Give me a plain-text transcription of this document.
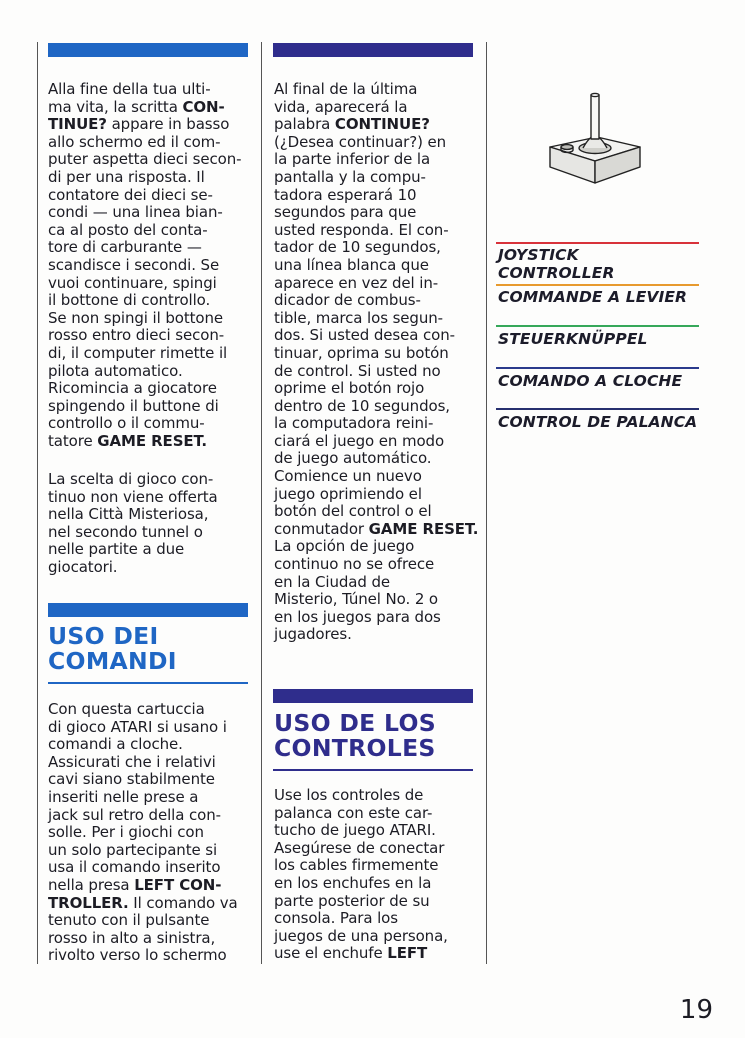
Alla fine della tua ulti-
ma vita, la scritta CON-
TINUE? appare in basso
allo schermo ed il com-
puter aspetta dieci secon-
di per una risposta. Il
contatore dei dieci se-
condi — una linea bian-
ca al posto del conta-
tore di carburante —
scandisce i secondi. Se
vuoi continuare, spingi
il bottone di controllo.
Se non spingi il bottone
rosso entro dieci secon-
di, il computer rimette il
pilota automatico.
Ricomincia a giocatore
spingendo il buttone di
controllo o il commu-
tatore GAME RESET.

La scelta di gioco con-
tinuo non viene offerta
nella Città Misteriosa,
nel secondo tunnel o
nelle partite a due
giocatori.

USO DEI
COMANDI

Con questa cartuccia
di gioco ATARI si usano i
comandi a cloche.
Assicurati che i relativi
cavi siano stabilmente
inseriti nelle prese a
jack sul retro della con-
solle. Per i giochi con
un solo partecipante si
usa il comando inserito
nella presa LEFT CON-
TROLLER. Il comando va
tenuto con il pulsante
rosso in alto a sinistra,
rivolto verso lo schermo

Al final de la última
vida, aparecerá la
palabra CONTINUE?
(¿Desea continuar?) en
la parte inferior de la
pantalla y la compu-
tadora esperará 10
segundos para que
usted responda. El con-
tador de 10 segundos,
una línea blanca que
aparece en vez del in-
dicador de combus-
tible, marca los segun-
dos. Si usted desea con-
tinuar, oprima su botón
de control. Si usted no
oprime el botón rojo
dentro de 10 segundos,
la computadora reini-
ciará el juego en modo
de juego automático.
Comience un nuevo
juego oprimiendo el
botón del control o el
conmutador GAME RESET.
La opción de juego
continuo no se ofrece
en la Ciudad de
Misterio, Túnel No. 2 o
en los juegos para dos
jugadores.

USO DE LOS
CONTROLES

Use los controles de
palanca con este car-
tucho de juego ATARI.
Asegúrese de conectar
los cables firmemente
en los enchufes en la
parte posterior de su
consola. Para los
juegos de una persona,
use el enchufe LEFT

JOYSTICK CONTROLLER
COMMANDE A LEVIER
STEUERKNÜPPEL
COMANDO A CLOCHE
CONTROL DE PALANCA
19
